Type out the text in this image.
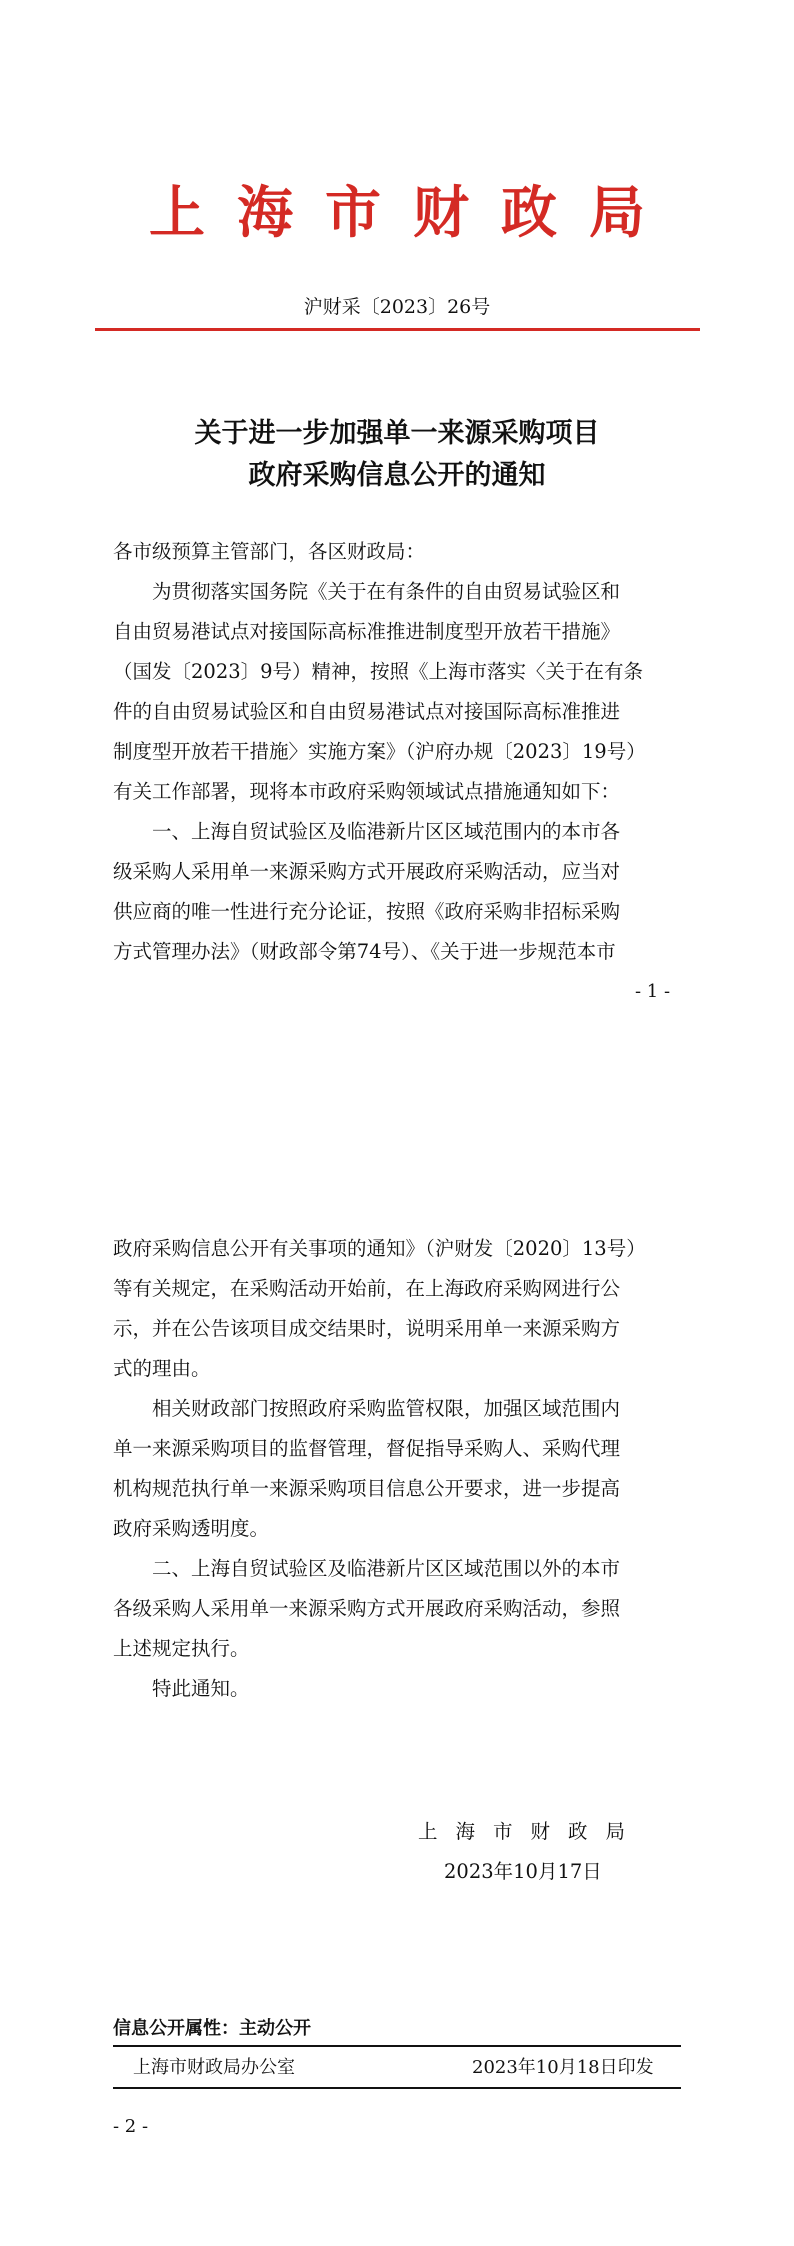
上海市财政局
沪财采〔2023〕26号
关于进一步加强单一来源采购项目
政府采购信息公开的通知
各市级预算主管部门，各区财政局：
为贯彻落实国务院《关于在有条件的自由贸易试验区和
自由贸易港试点对接国际高标准推进制度型开放若干措施》
（国发〔2023〕9号）精神，按照《上海市落实〈关于在有条
件的自由贸易试验区和自由贸易港试点对接国际高标准推进
制度型开放若干措施〉实施方案》（沪府办规〔2023〕19号）
有关工作部署，现将本市政府采购领域试点措施通知如下：
一、上海自贸试验区及临港新片区区域范围内的本市各
级采购人采用单一来源采购方式开展政府采购活动，应当对
供应商的唯一性进行充分论证，按照《政府采购非招标采购
方式管理办法》（财政部令第74号）、《关于进一步规范本市
- 1 -
政府采购信息公开有关事项的通知》（沪财发〔2020〕13号）
等有关规定，在采购活动开始前，在上海政府采购网进行公
示，并在公告该项目成交结果时，说明采用单一来源采购方
式的理由。
相关财政部门按照政府采购监管权限，加强区域范围内
单一来源采购项目的监督管理，督促指导采购人、采购代理
机构规范执行单一来源采购项目信息公开要求，进一步提高
政府采购透明度。
二、上海自贸试验区及临港新片区区域范围以外的本市
各级采购人采用单一来源采购方式开展政府采购活动，参照
上述规定执行。
特此通知。
上海市财政局
2023年10月17日
信息公开属性：主动公开
上海市财政局办公室	2023年10月18日印发
- 2 -
